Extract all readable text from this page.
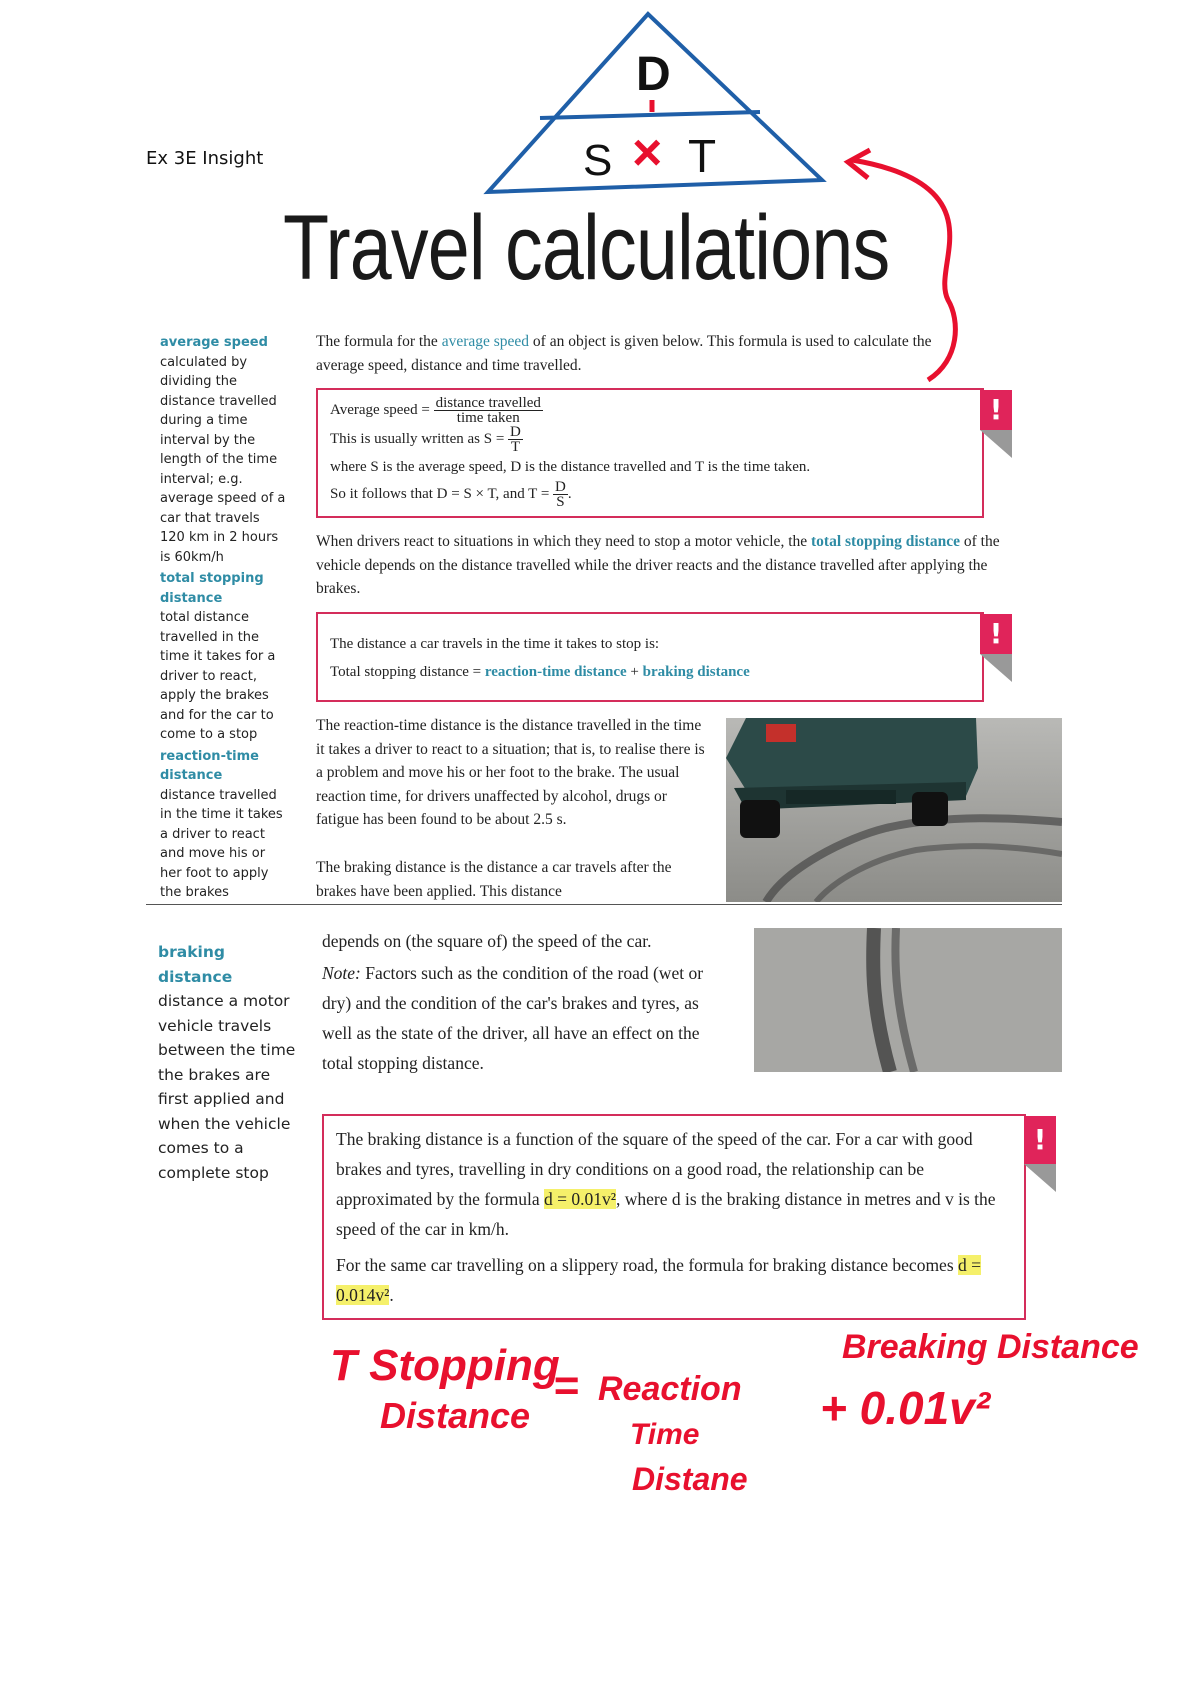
D
S T
×
Ex 3E Insight
Travel calculations
average speed
calculated by dividing the distance travelled during a time interval by the length of the time interval; e.g. average speed of a car that travels 120 km in 2 hours is 60km/h
total stopping distance
total distance travelled in the time it takes for a driver to react, apply the brakes and for the car to come to a stop
reaction-time distance
distance travelled in the time it takes a driver to react and move his or her foot to apply the brakes
The formula for the average speed of an object is given below. This formula is used to calculate the average speed, distance and time travelled.
Average speed = $\frac{\text{distance travelled}}{\text{time taken}}$
This is usually written as $S = \frac{D}{T}$
where S is the average speed, D is the distance travelled and T is the time taken.
So it follows that D = S × T, and $T = \frac{D}{S}$ .
!
When drivers react to situations in which they need to stop a motor vehicle, the total stopping distance of the vehicle depends on the distance travelled while the driver reacts and the distance travelled after applying the brakes.
The distance a car travels in the time it takes to stop is:
Total stopping distance = reaction-time distance + braking distance
!
The reaction-time distance is the distance travelled in the time it takes a driver to react to a situation; that is, to realise there is a problem and move his or her foot to the brake. The usual reaction time, for drivers unaffected by alcohol, drugs or fatigue has been found to be about 2.5 s.
The braking distance is the distance a car travels after the brakes have been applied. This distance
braking distance
distance a motor vehicle travels between the time the brakes are first applied and when the vehicle comes to a complete stop
depends on (the square of) the speed of the car.
Note: Factors such as the condition of the road (wet or dry) and the condition of the car's brakes and tyres, as well as the state of the driver, all have an effect on the total stopping distance.
The braking distance is a function of the square of the speed of the car. For a car with good brakes and tyres, travelling in dry conditions on a good road, the relationship can be approximated by the formula d = 0.01v², where d is the braking distance in metres and v is the speed of the car in km/h.
For the same car travelling on a slippery road, the formula for braking distance becomes d = 0.014v².
!
T Stopping
Distance
= Reaction
Time
Distane
Breaking Distance
+ 0.01v²
